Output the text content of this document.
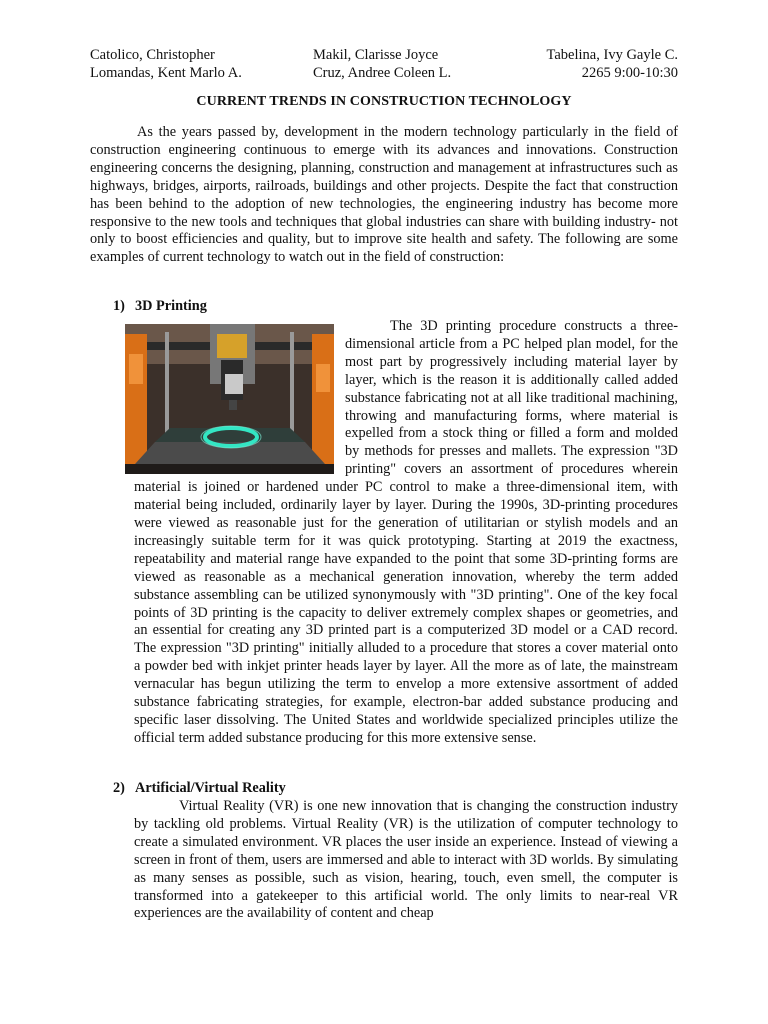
Catolico, Christopher
Lomandas, Kent Marlo A.
Makil, Clarisse Joyce
Cruz, Andree Coleen L.
Tabelina, Ivy Gayle C.
2265 9:00-10:30
CURRENT TRENDS IN CONSTRUCTION TECHNOLOGY
As the years passed by, development in the modern technology particularly in the field of construction engineering continuous to emerge with its advances and innovations. Construction engineering concerns the designing, planning, construction and management at infrastructures such as highways, bridges, airports, railroads, buildings and other projects. Despite the fact that construction has been behind to the adoption of new technologies, the engineering industry has become more responsive to the new tools and techniques that global industries can share with building industry- not only to boost efficiencies and quality, but to improve site health and safety. The following are some examples of current technology to watch out in the field of construction:
1) 3D Printing
The 3D printing procedure constructs a three-dimensional article from a PC helped plan model, for the most part by progressively including material layer by layer, which is the reason it is additionally called added substance fabricating not at all like traditional machining, throwing and manufacturing forms, where material is expelled from a stock thing or filled a form and molded by methods for presses and mallets. The expression "3D printing" covers an assortment of procedures wherein material is joined or hardened under PC control to make a three-dimensional item, with material being included, ordinarily layer by layer. During the 1990s, 3D-printing procedures were viewed as reasonable just for the generation of utilitarian or stylish models and an increasingly suitable term for it was quick prototyping. Starting at 2019 the exactness, repeatability and material range have expanded to the point that some 3D-printing forms are viewed as reasonable as a mechanical generation innovation, whereby the term added substance assembling can be utilized synonymously with "3D printing". One of the key focal points of 3D printing is the capacity to deliver extremely complex shapes or geometries, and an essential for creating any 3D printed part is a computerized 3D model or a CAD record. The expression "3D printing" initially alluded to a procedure that stores a cover material onto a powder bed with inkjet printer heads layer by layer. All the more as of late, the mainstream vernacular has begun utilizing the term to envelop a more extensive assortment of added substance fabricating strategies, for example, electron-bar added substance producing and specific laser dissolving. The United States and worldwide specialized principles utilize the official term added substance producing for this more extensive sense.
2) Artificial/Virtual Reality
Virtual Reality (VR) is one new innovation that is changing the construction industry by tackling old problems. Virtual Reality (VR) is the utilization of computer technology to create a simulated environment. VR places the user inside an experience. Instead of viewing a screen in front of them, users are immersed and able to interact with 3D worlds. By simulating as many senses as possible, such as vision, hearing, touch, even smell, the computer is transformed into a gatekeeper to this artificial world. The only limits to near-real VR experiences are the availability of content and cheap
